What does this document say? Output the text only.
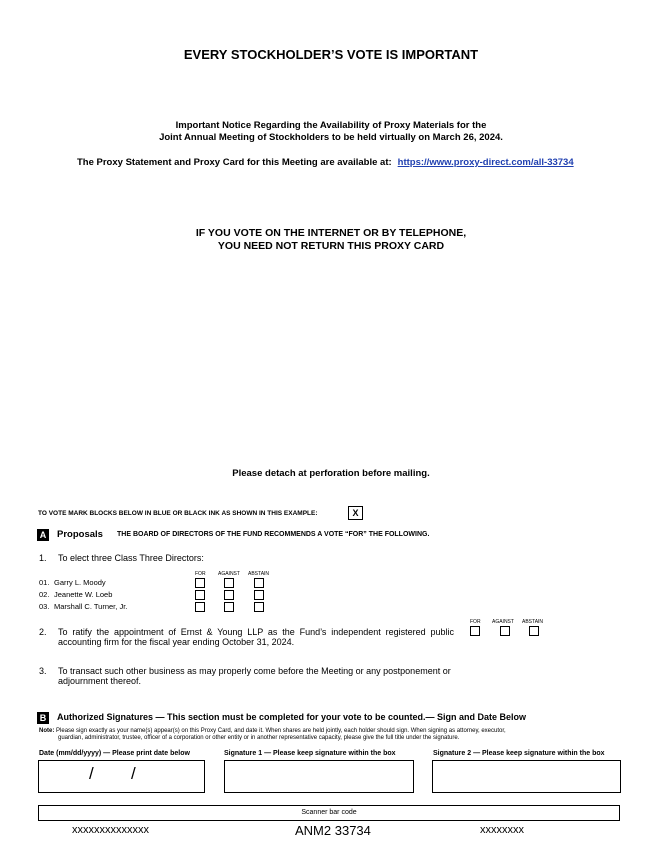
EVERY STOCKHOLDER’S VOTE IS IMPORTANT
Important Notice Regarding the Availability of Proxy Materials for the
Joint Annual Meeting of Stockholders to be held virtually on March 26, 2024.
The Proxy Statement and Proxy Card for this Meeting are available at: https://www.proxy-direct.com/all-33734
IF YOU VOTE ON THE INTERNET OR BY TELEPHONE,
YOU NEED NOT RETURN THIS PROXY CARD
Please detach at perforation before mailing.
TO VOTE MARK BLOCKS BELOW IN BLUE OR BLACK INK AS SHOWN IN THIS EXAMPLE:	X
A Proposals THE BOARD OF DIRECTORS OF THE FUND RECOMMENDS A VOTE “FOR” THE FOLLOWING.
1. To elect three Class Three Directors:
FOR AGAINST ABSTAIN
01. Garry L. Moody
02. Jeanette W. Loeb
03. Marshall C. Turner, Jr.
2. To ratify the appointment of Ernst & Young LLP as the Fund’s independent registered public
accounting firm for the fiscal year ending October 31, 2024.
FOR AGAINST ABSTAIN
3. To transact such other business as may properly come before the Meeting or any postponement or
adjournment thereof.
B	Authorized Signatures — This section must be completed for your vote to be counted.— Sign and Date Below
Note: Please sign exactly as your name(s) appear(s) on this Proxy Card, and date it. When shares are held jointly, each holder should sign. When signing as attorney, executor,
guardian, administrator, trustee, officer of a corporation or other entity or in another representative capacity, please give the full title under the signature.
Date (mm/dd/yyyy) — Please print date below	Signature 1 — Please keep signature within the box	Signature 2 — Please keep signature within the box
/ /
Scanner bar code
xxxxxxxxxxxxxx	ANM2 33734	xxxxxxxx
